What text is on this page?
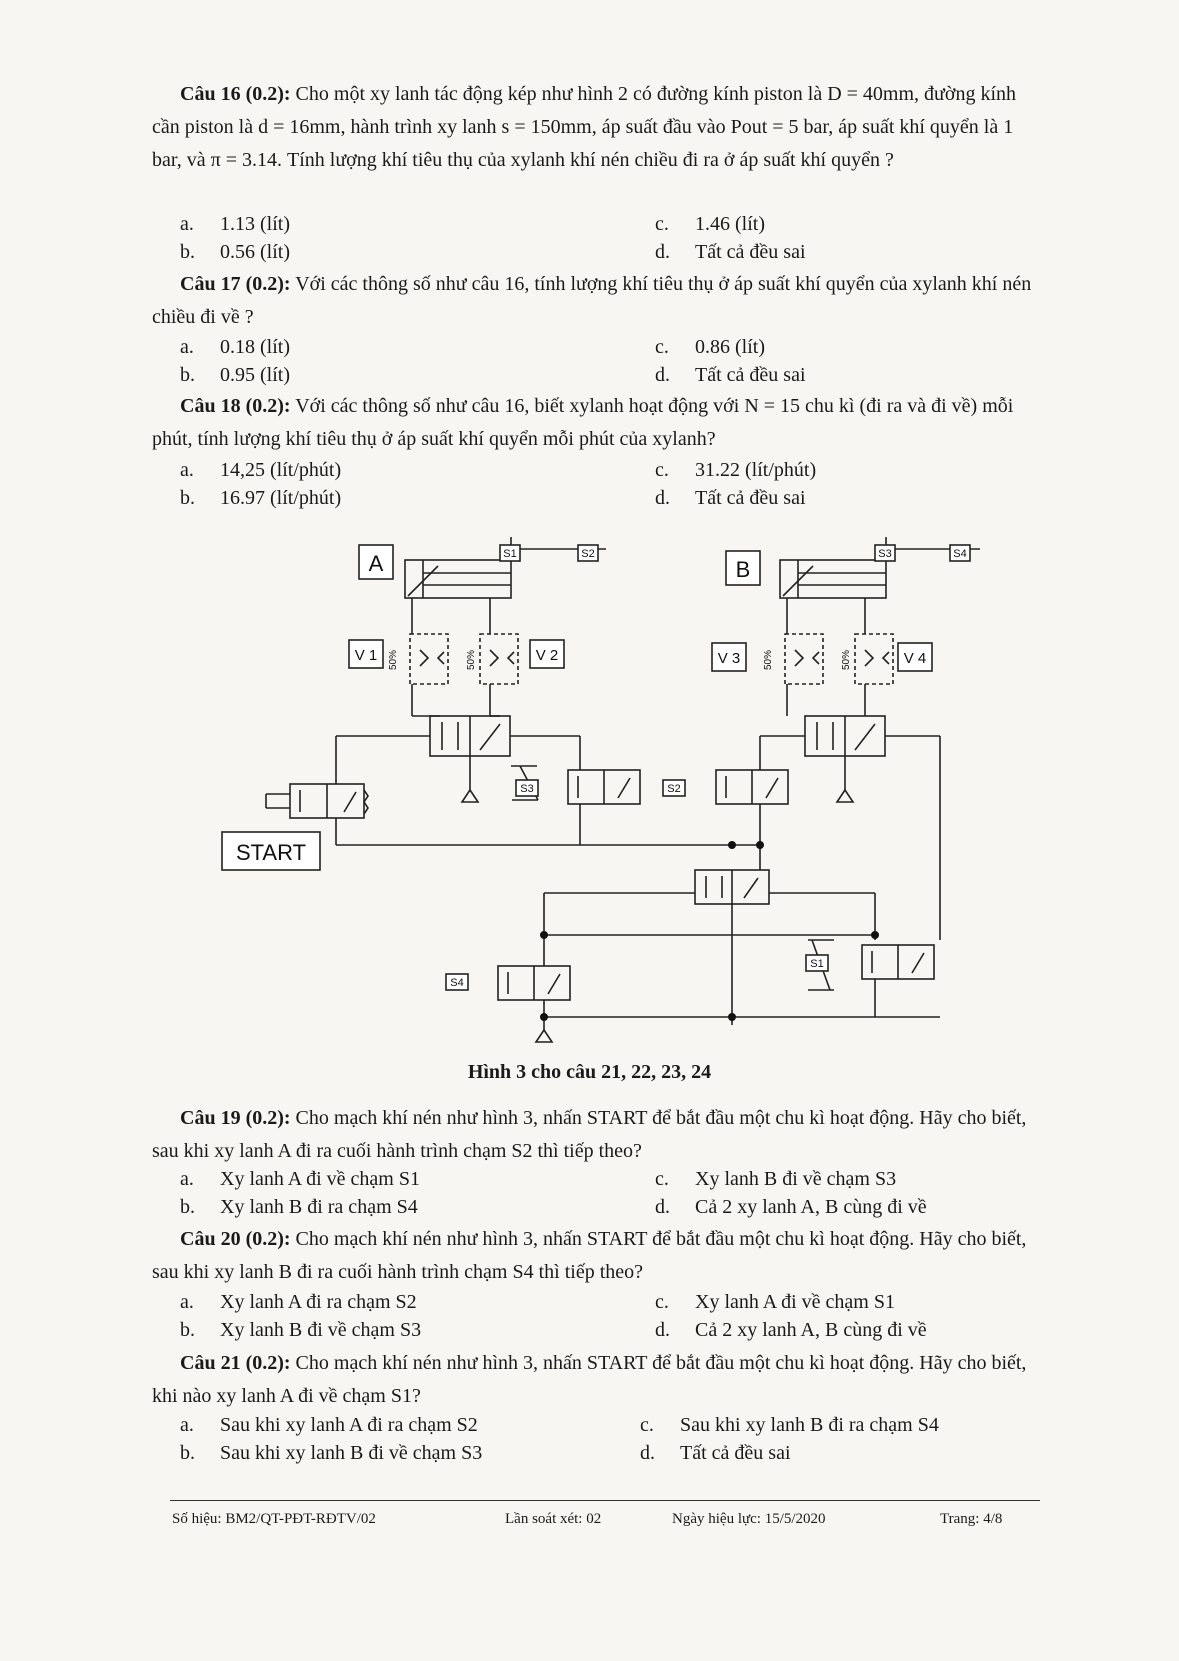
Câu 16 (0.2): Cho một xy lanh tác động kép như hình 2 có đường kính piston là D = 40mm, đường kính cần piston là d = 16mm, hành trình xy lanh s = 150mm, áp suất đầu vào Pout = 5 bar, áp suất khí quyển là 1 bar, và π = 3.14. Tính lượng khí tiêu thụ của xylanh khí nén chiều đi ra ở áp suất khí quyển ?
a. 1.13 (lít)	c. 1.46 (lít)
b. 0.56 (lít)	d. Tất cả đều sai
Câu 17 (0.2): Với các thông số như câu 16, tính lượng khí tiêu thụ ở áp suất khí quyển của xylanh khí nén chiều đi về ?
a. 0.18 (lít)	c. 0.86 (lít)
b. 0.95 (lít)	d. Tất cả đều sai
Câu 18 (0.2): Với các thông số như câu 16, biết xylanh hoạt động với N = 15 chu kì (đi ra và đi về) mỗi phút, tính lượng khí tiêu thụ ở áp suất khí quyển mỗi phút của xylanh?
a. 14,25 (lít/phút)	c. 31.22 (lít/phút)
b. 16.97 (lít/phút)	d. Tất cả đều sai
A	B
START
V 1	V 2	V 3	V 4
S1	S2	S3	S4
S3	S2
S4
S1
50%	50%	50%	50%
Hình 3 cho câu 21, 22, 23, 24
Câu 19 (0.2): Cho mạch khí nén như hình 3, nhấn START để bắt đầu một chu kì hoạt động. Hãy cho biết, sau khi xy lanh A đi ra cuối hành trình chạm S2 thì tiếp theo?
a. Xy lanh A đi về chạm S1	c. Xy lanh B đi về chạm S3
b. Xy lanh B đi ra chạm S4	d. Cả 2 xy lanh A, B cùng đi về
Câu 20 (0.2): Cho mạch khí nén như hình 3, nhấn START để bắt đầu một chu kì hoạt động. Hãy cho biết, sau khi xy lanh B đi ra cuối hành trình chạm S4 thì tiếp theo?
a. Xy lanh A đi ra chạm S2	c. Xy lanh A đi về chạm S1
b. Xy lanh B đi về chạm S3	d. Cả 2 xy lanh A, B cùng đi về
Câu 21 (0.2): Cho mạch khí nén như hình 3, nhấn START để bắt đầu một chu kì hoạt động. Hãy cho biết, khi nào xy lanh A đi về chạm S1?
a. Sau khi xy lanh A đi ra chạm S2	c. Sau khi xy lanh B đi ra chạm S4
b. Sau khi xy lanh B đi về chạm S3	d. Tất cả đều sai
Số hiệu: BM2/QT-PĐT-RĐTV/02	Lần soát xét: 02	Ngày hiệu lực: 15/5/2020	Trang: 4/8
